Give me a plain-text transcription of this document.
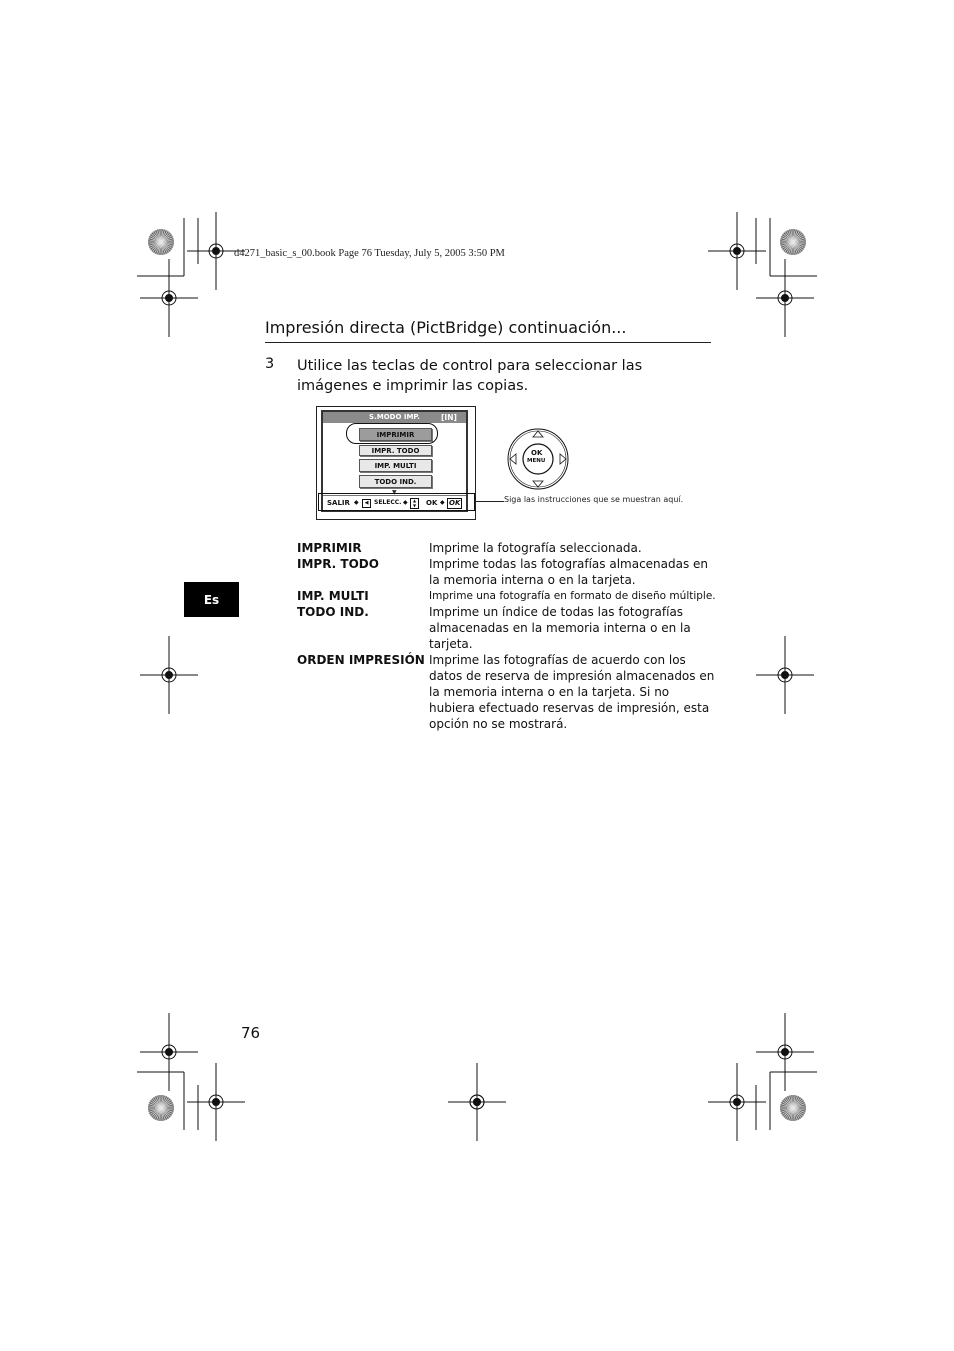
d4271_basic_s_00.book Page 76 Tuesday, July 5, 2005 3:50 PM
Impresión directa (PictBridge) continuación...
3 Utilice las teclas de control para seleccionar las imágenes e imprimir las copias.
S.MODO IMP.	[IN]
IMPRIMIR
IMPR. TODO
IMP. MULTI
TODO IND.
▼
SALIR ◆	◀ SELECC. ◆	▲
▼	OK ◆ OK
OK
MENU
Siga las instrucciones que se muestran aquí.
Es
IMPRIMIR	Imprime la fotografía seleccionada.
IMPR. TODO	Imprime todas las fotografías almacenadas en la memoria interna o en la tarjeta.
IMP. MULTI	Imprime una fotografía en formato de diseño múltiple.
TODO IND.	Imprime un índice de todas las fotografías almacenadas en la memoria interna o en la tarjeta.
ORDEN IMPRESIÓN Imprime las fotografías de acuerdo con los datos de reserva de impresión almacenados en la memoria interna o en la tarjeta. Si no hubiera efectuado reservas de impresión, esta opción no se mostrará.
76
